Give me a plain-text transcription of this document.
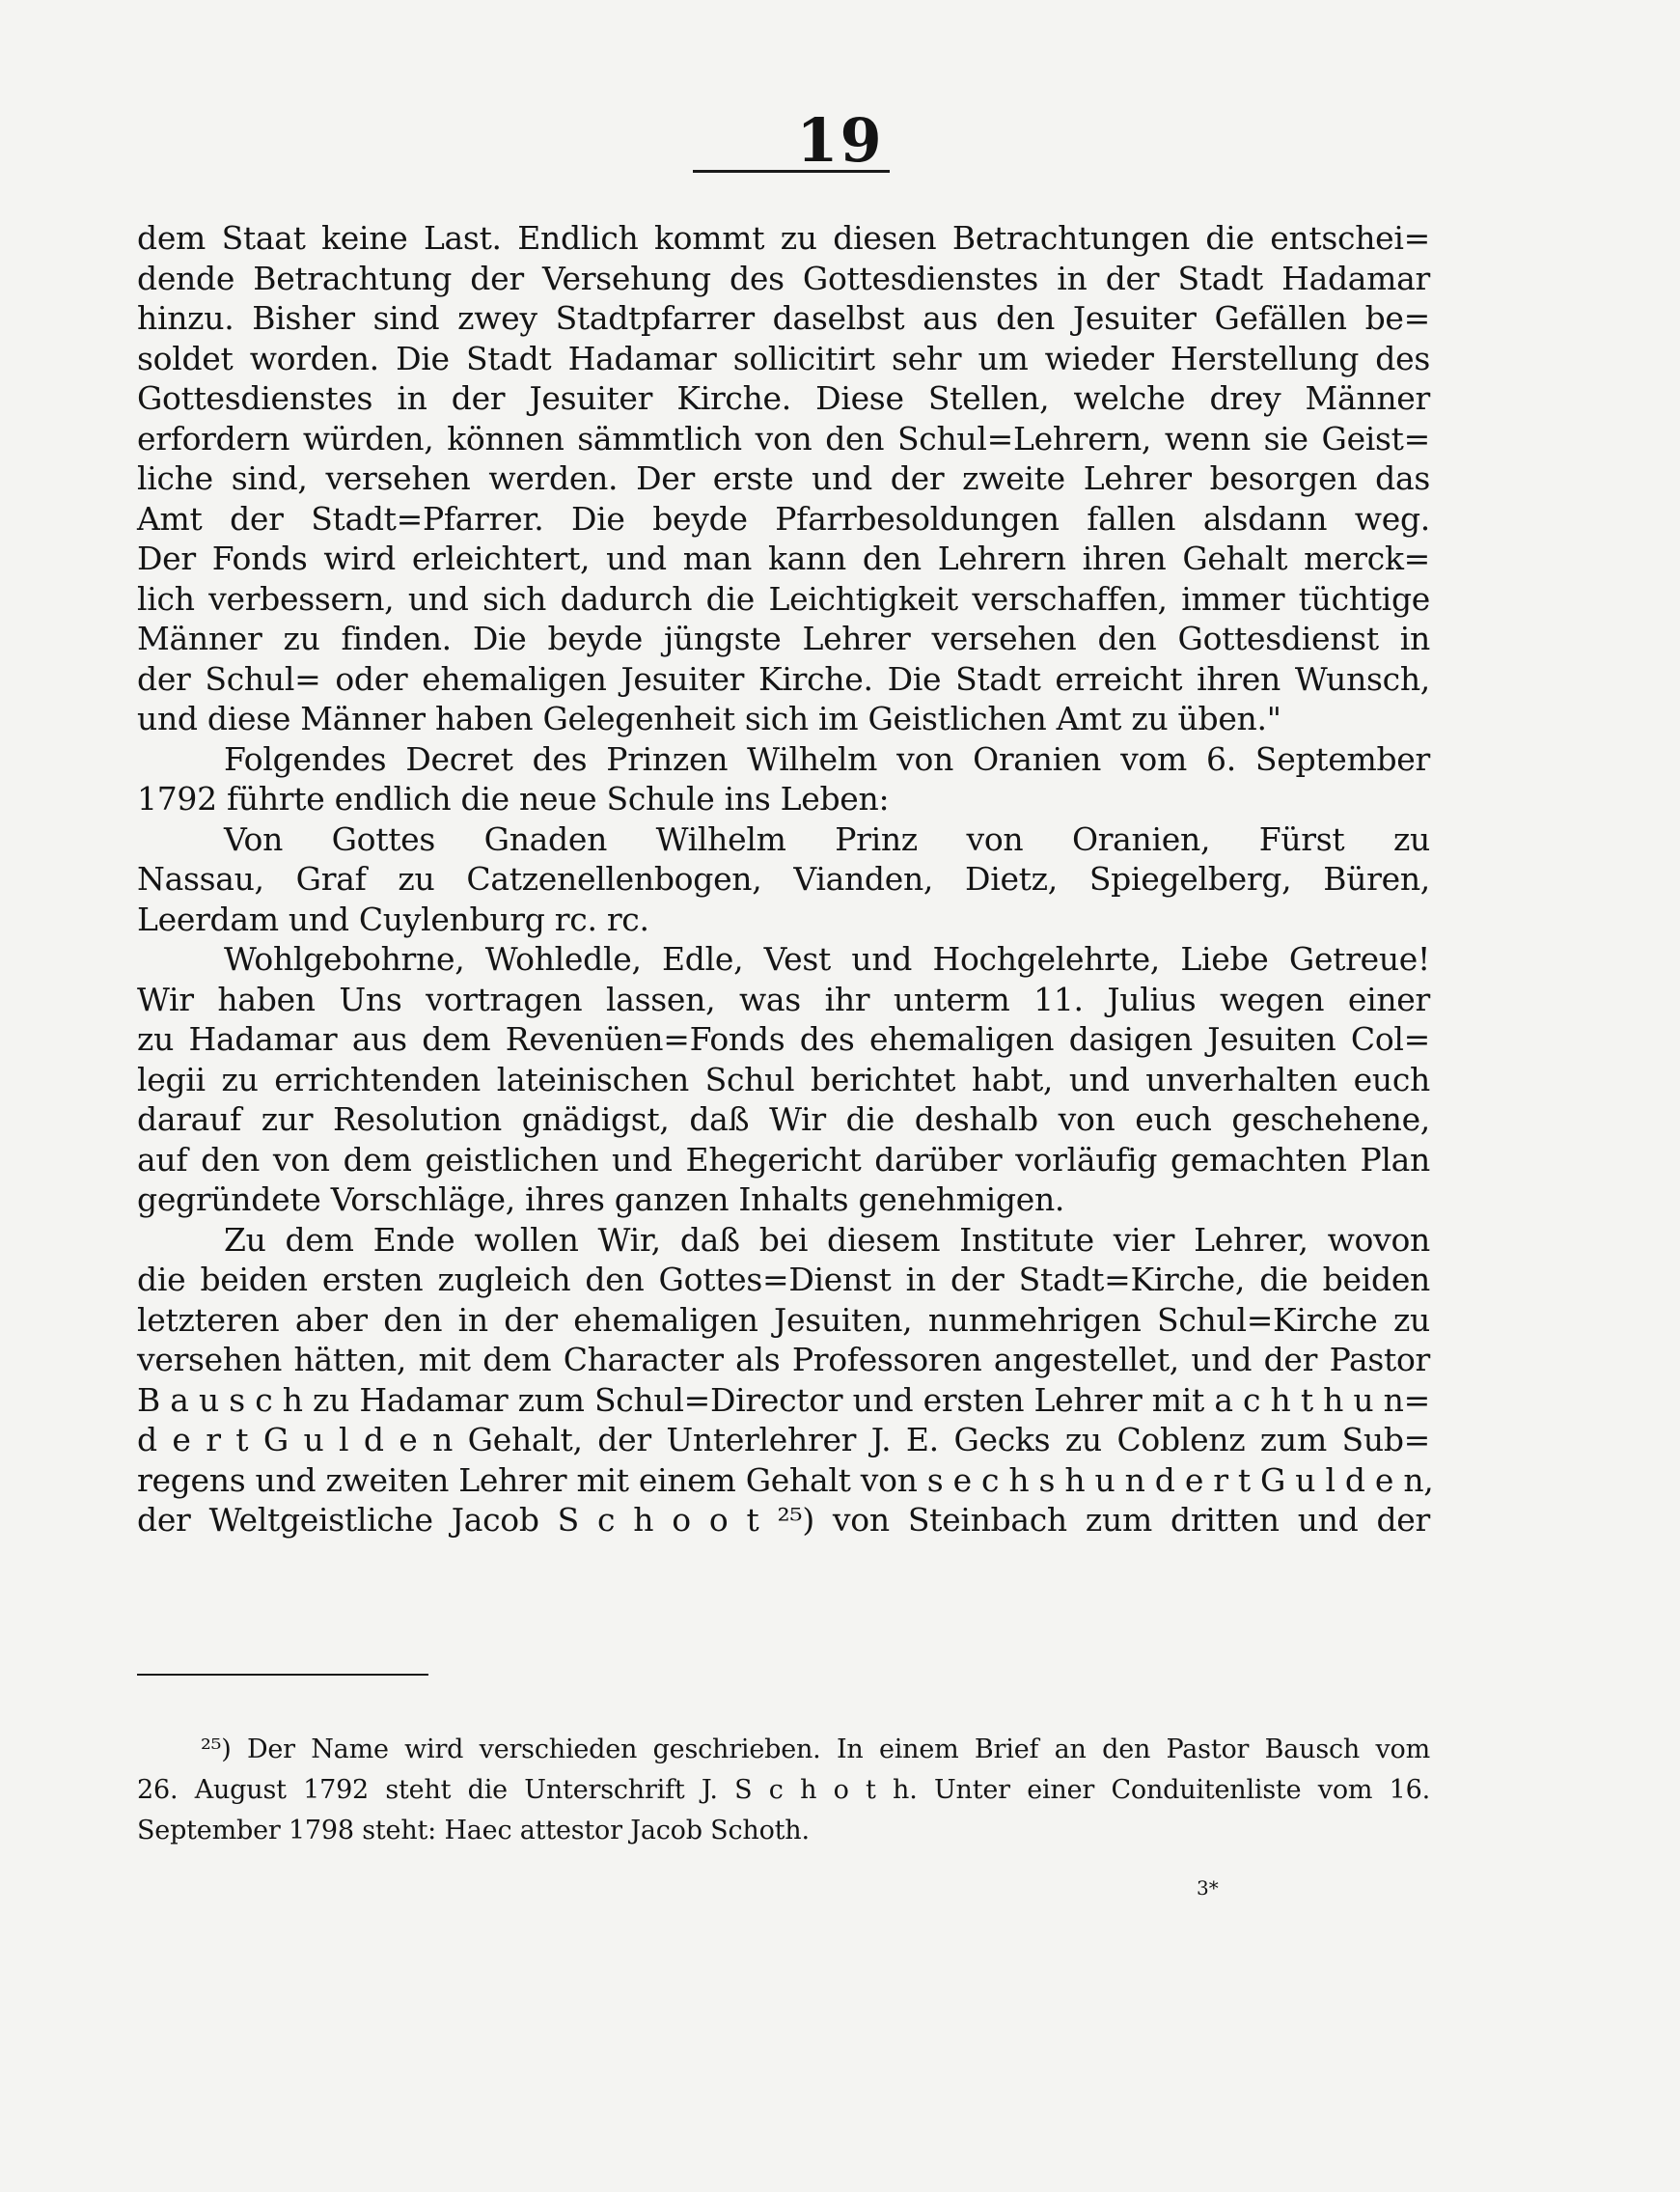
19
dem Staat keine Last. Endlich kommt zu diesen Betrachtungen die entschei=
dende Betrachtung der Versehung des Gottesdienstes in der Stadt Hadamar
hinzu. Bisher sind zwey Stadtpfarrer daselbst aus den Jesuiter Gefällen be=
soldet worden. Die Stadt Hadamar sollicitirt sehr um wieder Herstellung des
Gottesdienstes in der Jesuiter Kirche. Diese Stellen, welche drey Männer
erfordern würden, können sämmtlich von den Schul=Lehrern, wenn sie Geist=
liche sind, versehen werden. Der erste und der zweite Lehrer besorgen das
Amt der Stadt=Pfarrer. Die beyde Pfarrbesoldungen fallen alsdann weg.
Der Fonds wird erleichtert, und man kann den Lehrern ihren Gehalt merck=
lich verbessern, und sich dadurch die Leichtigkeit verschaffen, immer tüchtige
Männer zu finden. Die beyde jüngste Lehrer versehen den Gottesdienst in
der Schul= oder ehemaligen Jesuiter Kirche. Die Stadt erreicht ihren Wunsch,
und diese Männer haben Gelegenheit sich im Geistlichen Amt zu üben."
Folgendes Decret des Prinzen Wilhelm von Oranien vom 6. September
1792 führte endlich die neue Schule ins Leben:
Von Gottes Gnaden Wilhelm Prinz von Oranien, Fürst zu
Nassau, Graf zu Catzenellenbogen, Vianden, Dietz, Spiegelberg, Büren,
Leerdam und Cuylenburg rc. rc.
Wohlgebohrne, Wohledle, Edle, Vest und Hochgelehrte, Liebe Getreue!
Wir haben Uns vortragen lassen, was ihr unterm 11. Julius wegen einer
zu Hadamar aus dem Revenüen=Fonds des ehemaligen dasigen Jesuiten Col=
legii zu errichtenden lateinischen Schul berichtet habt, und unverhalten euch
darauf zur Resolution gnädigst, daß Wir die deshalb von euch geschehene,
auf den von dem geistlichen und Ehegericht darüber vorläufig gemachten Plan
gegründete Vorschläge, ihres ganzen Inhalts genehmigen.
Zu dem Ende wollen Wir, daß bei diesem Institute vier Lehrer, wovon
die beiden ersten zugleich den Gottes=Dienst in der Stadt=Kirche, die beiden
letzteren aber den in der ehemaligen Jesuiten, nunmehrigen Schul=Kirche zu
versehen hätten, mit dem Character als Professoren angestellet, und der Pastor
B a u s c h zu Hadamar zum Schul=Director und ersten Lehrer mit a c h t h u n=
d e r t G u l d e n Gehalt, der Unterlehrer J. E. Gecks zu Coblenz zum Sub=
regens und zweiten Lehrer mit einem Gehalt von s e c h s h u n d e r t G u l d e n,
der Weltgeistliche Jacob S c h o o t ²⁵) von Steinbach zum dritten und der
²⁵) Der Name wird verschieden geschrieben. In einem Brief an den Pastor Bausch vom
26. August 1792 steht die Unterschrift J. S c h o t h. Unter einer Conduitenliste vom 16.
September 1798 steht: Haec attestor Jacob Schoth.
3*
